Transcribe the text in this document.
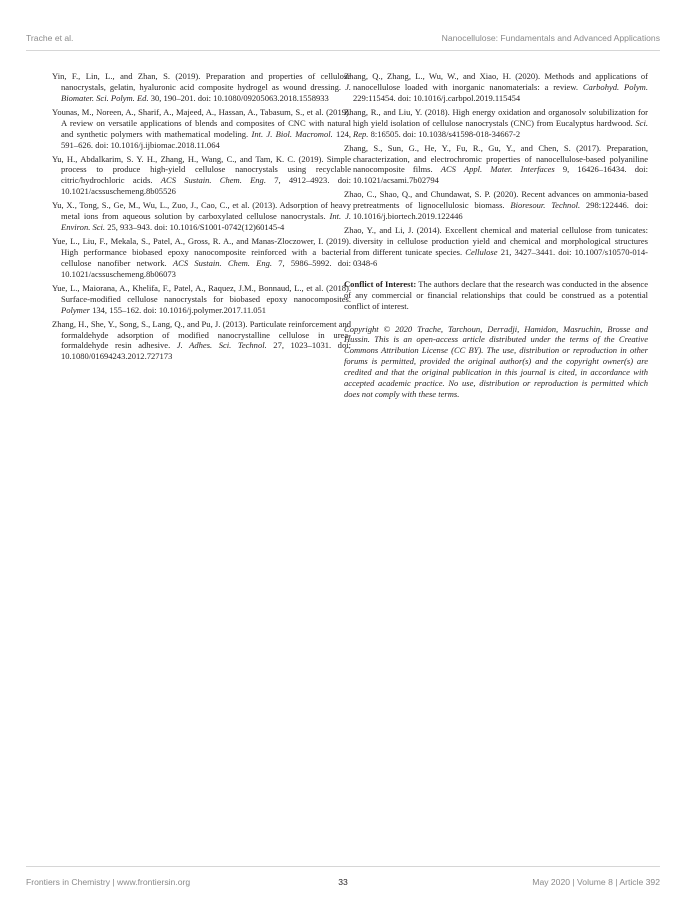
Trache et al.	Nanocellulose: Fundamentals and Advanced Applications
Yin, F., Lin, L., and Zhan, S. (2019). Preparation and properties of cellulose nanocrystals, gelatin, hyaluronic acid composite hydrogel as wound dressing. J. Biomater. Sci. Polym. Ed. 30, 190–201. doi: 10.1080/09205063.2018.1558933
Younas, M., Noreen, A., Sharif, A., Majeed, A., Hassan, A., Tabasum, S., et al. (2019). A review on versatile applications of blends and composites of CNC with natural and synthetic polymers with mathematical modeling. Int. J. Biol. Macromol. 124, 591–626. doi: 10.1016/j.ijbiomac.2018.11.064
Yu, H., Abdalkarim, S. Y. H., Zhang, H., Wang, C., and Tam, K. C. (2019). Simple process to produce high-yield cellulose nanocrystals using recyclable citric/hydrochloric acids. ACS Sustain. Chem. Eng. 7, 4912–4923. doi: 10.1021/acssuschemeng.8b05526
Yu, X., Tong, S., Ge, M., Wu, L., Zuo, J., Cao, C., et al. (2013). Adsorption of heavy metal ions from aqueous solution by carboxylated cellulose nanocrystals. Int. J. Environ. Sci. 25, 933–943. doi: 10.1016/S1001-0742(12)60145-4
Yue, L., Liu, F., Mekala, S., Patel, A., Gross, R. A., and Manas-Zloczower, I. (2019). High performance biobased epoxy nanocomposite reinforced with a bacterial cellulose nanofiber network. ACS Sustain. Chem. Eng. 7, 5986–5992. doi: 10.1021/acssuschemeng.8b06073
Yue, L., Maiorana, A., Khelifa, F., Patel, A., Raquez, J.M., Bonnaud, L., et al. (2018). Surface-modified cellulose nanocrystals for biobased epoxy nanocomposites. Polymer 134, 155–162. doi: 10.1016/j.polymer.2017.11.051
Zhang, H., She, Y., Song, S., Lang, Q., and Pu, J. (2013). Particulate reinforcement and formaldehyde adsorption of modified nanocrystalline cellulose in urea-formaldehyde resin adhesive. J. Adhes. Sci. Technol. 27, 1023–1031. doi: 10.1080/01694243.2012.727173
Zhang, Q., Zhang, L., Wu, W., and Xiao, H. (2020). Methods and applications of nanocellulose loaded with inorganic nanomaterials: a review. Carbohyd. Polym. 229:115454. doi: 10.1016/j.carbpol.2019.115454
Zhang, R., and Liu, Y. (2018). High energy oxidation and organosolv solubilization for high yield isolation of cellulose nanocrystals (CNC) from Eucalyptus hardwood. Sci. Rep. 8:16505. doi: 10.1038/s41598-018-34667-2
Zhang, S., Sun, G., He, Y., Fu, R., Gu, Y., and Chen, S. (2017). Preparation, characterization, and electrochromic properties of nanocellulose-based polyaniline nanocomposite films. ACS Appl. Mater. Interfaces 9, 16426–16434. doi: 10.1021/acsami.7b02794
Zhao, C., Shao, Q., and Chundawat, S. P. (2020). Recent advances on ammonia-based pretreatments of lignocellulosic biomass. Bioresour. Technol. 298:122446. doi: 10.1016/j.biortech.2019.122446
Zhao, Y., and Li, J. (2014). Excellent chemical and material cellulose from tunicates: diversity in cellulose production yield and chemical and morphological structures from different tunicate species. Cellulose 21, 3427–3441. doi: 10.1007/s10570-014-0348-6

Conflict of Interest: The authors declare that the research was conducted in the absence of any commercial or financial relationships that could be construed as a potential conflict of interest.

Copyright © 2020 Trache, Tarchoun, Derradji, Hamidon, Masruchin, Brosse and Hussin. This is an open-access article distributed under the terms of the Creative Commons Attribution License (CC BY). The use, distribution or reproduction in other forums is permitted, provided the original author(s) and the copyright owner(s) are credited and that the original publication in this journal is cited, in accordance with accepted academic practice. No use, distribution or reproduction is permitted which does not comply with these terms.

Frontiers in Chemistry | www.frontiersin.org	33	May 2020 | Volume 8 | Article 392
